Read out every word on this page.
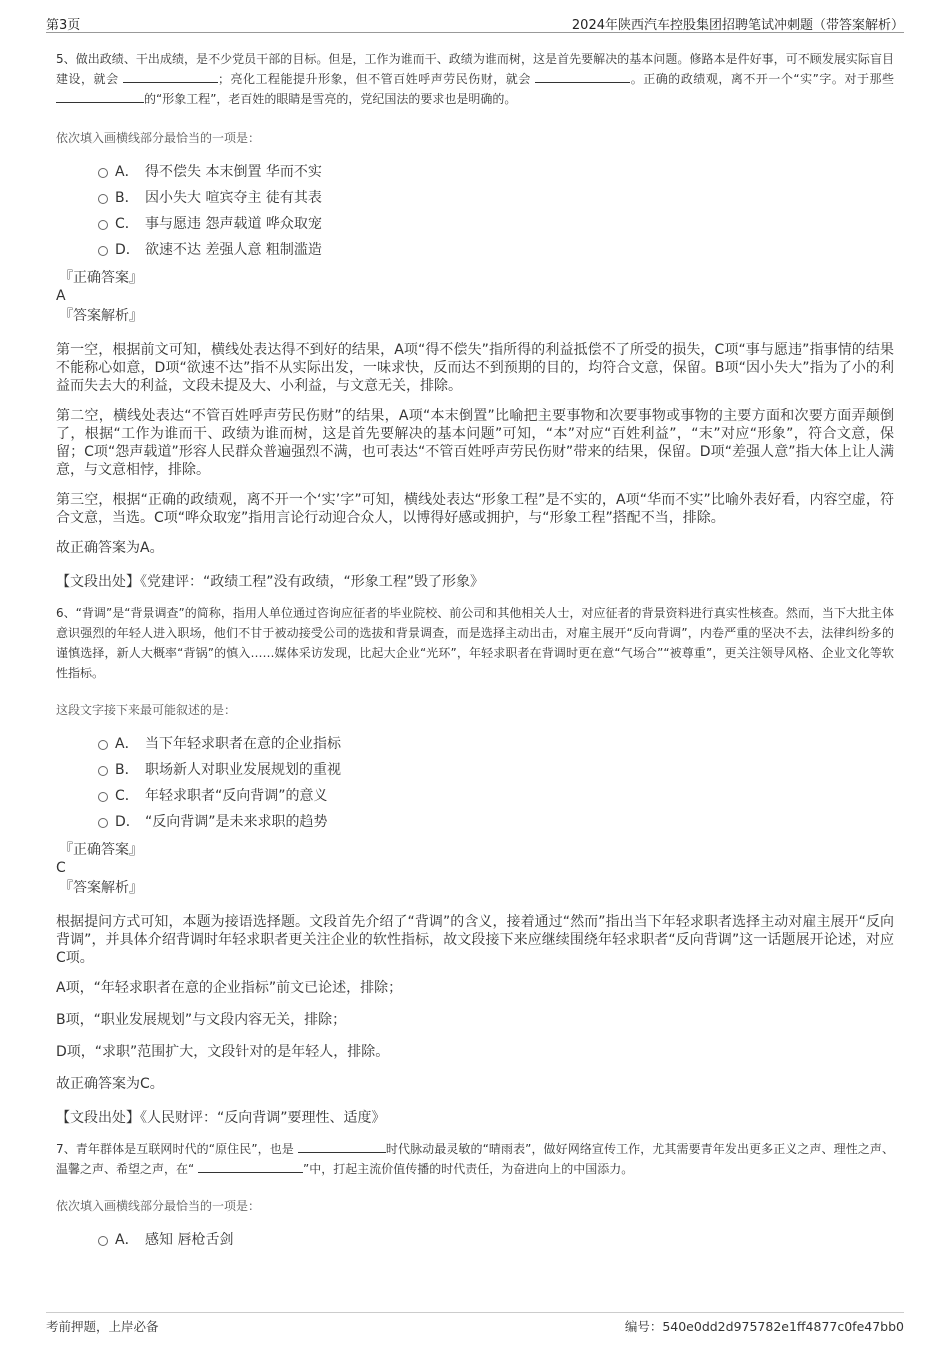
第3页	2024年陕西汽车控股集团招聘笔试冲刺题（带答案解析）

5、做出政绩、干出成绩，是不少党员干部的目标。但是，工作为谁而干、政绩为谁而树，这是首先要解决的基本问题。修路本是件好事，可不顾发展实际盲目建设，就会	；亮化工程能提升形象，但不管百姓呼声劳民伤财，就会	。正确的政绩观，离不开一个“实”字。对于那些 的“形象工程”，老百姓的眼睛是雪亮的，党纪国法的要求也是明确的。

依次填入画横线部分最恰当的一项是：

A． 得不偿失 本末倒置 华而不实
B． 因小失大 喧宾夺主 徒有其表
C． 事与愿违 怨声载道 哗众取宠
D． 欲速不达 差强人意 粗制滥造

『正确答案』

A

『答案解析』

第一空，根据前文可知，横线处表达得不到好的结果，A项“得不偿失”指所得的利益抵偿不了所受的损失，C项“事与愿违”指事情的结果不能称心如意，D项“欲速不达”指不从实际出发，一味求快，反而达不到预期的目的，均符合文意，保留。B项“因小失大”指为了小的利益而失去大的利益，文段未提及大、小利益，与文意无关，排除。

第二空，横线处表达“不管百姓呼声劳民伤财”的结果，A项“本末倒置”比喻把主要事物和次要事物或事物的主要方面和次要方面弄颠倒了，根据“工作为谁而干、政绩为谁而树，这是首先要解决的基本问题”可知，“本”对应“百姓利益”，“末”对应“形象”，符合文意，保留；C项“怨声载道”形容人民群众普遍强烈不满，也可表达“不管百姓呼声劳民伤财”带来的结果，保留。D项“差强人意”指大体上让人满意，与文意相悖，排除。

第三空，根据“正确的政绩观，离不开一个‘实’字”可知，横线处表达“形象工程”是不实的，A项“华而不实”比喻外表好看，内容空虚，符合文意，当选。C项“哗众取宠”指用言论行动迎合众人，以博得好感或拥护，与“形象工程”搭配不当，排除。

故正确答案为A。

【文段出处】《党建评：“政绩工程”没有政绩，“形象工程”毁了形象》

6、“背调”是“背景调查”的简称，指用人单位通过咨询应征者的毕业院校、前公司和其他相关人士，对应征者的背景资料进行真实性核查。然而，当下大批主体意识强烈的年轻人进入职场，他们不甘于被动接受公司的选拔和背景调查，而是选择主动出击，对雇主展开“反向背调”，内卷严重的坚决不去，法律纠纷多的谨慎选择，新人大概率“背锅”的慎入……媒体采访发现，比起大企业“光环”，年轻求职者在背调时更在意“气场合”“被尊重”，更关注领导风格、企业文化等软性指标。

这段文字接下来最可能叙述的是：

A． 当下年轻求职者在意的企业指标
B． 职场新人对职业发展规划的重视
C． 年轻求职者“反向背调”的意义
D． “反向背调”是未来求职的趋势

『正确答案』

C

『答案解析』

根据提问方式可知，本题为接语选择题。文段首先介绍了“背调”的含义，接着通过“然而”指出当下年轻求职者选择主动对雇主展开“反向背调”，并具体介绍背调时年轻求职者更关注企业的软性指标，故文段接下来应继续围绕年轻求职者“反向背调”这一话题展开论述，对应C项。

A项，“年轻求职者在意的企业指标”前文已论述，排除；

B项，“职业发展规划”与文段内容无关，排除；

D项，“求职”范围扩大，文段针对的是年轻人，排除。

故正确答案为C。

【文段出处】《人民财评：“反向背调”要理性、适度》

7、青年群体是互联网时代的“原住民”，也是	时代脉动最灵敏的“晴雨表”，做好网络宣传工作，尤其需要青年发出更多正义之声、理性之声、温馨之声、希望之声，在“	”中，打起主流价值传播的时代责任，为奋进向上的中国添力。

依次填入画横线部分最恰当的一项是：

A． 感知 唇枪舌剑
考前押题，上岸必备	编号：540e0dd2d975782e1ff4877c0fe47bb0
